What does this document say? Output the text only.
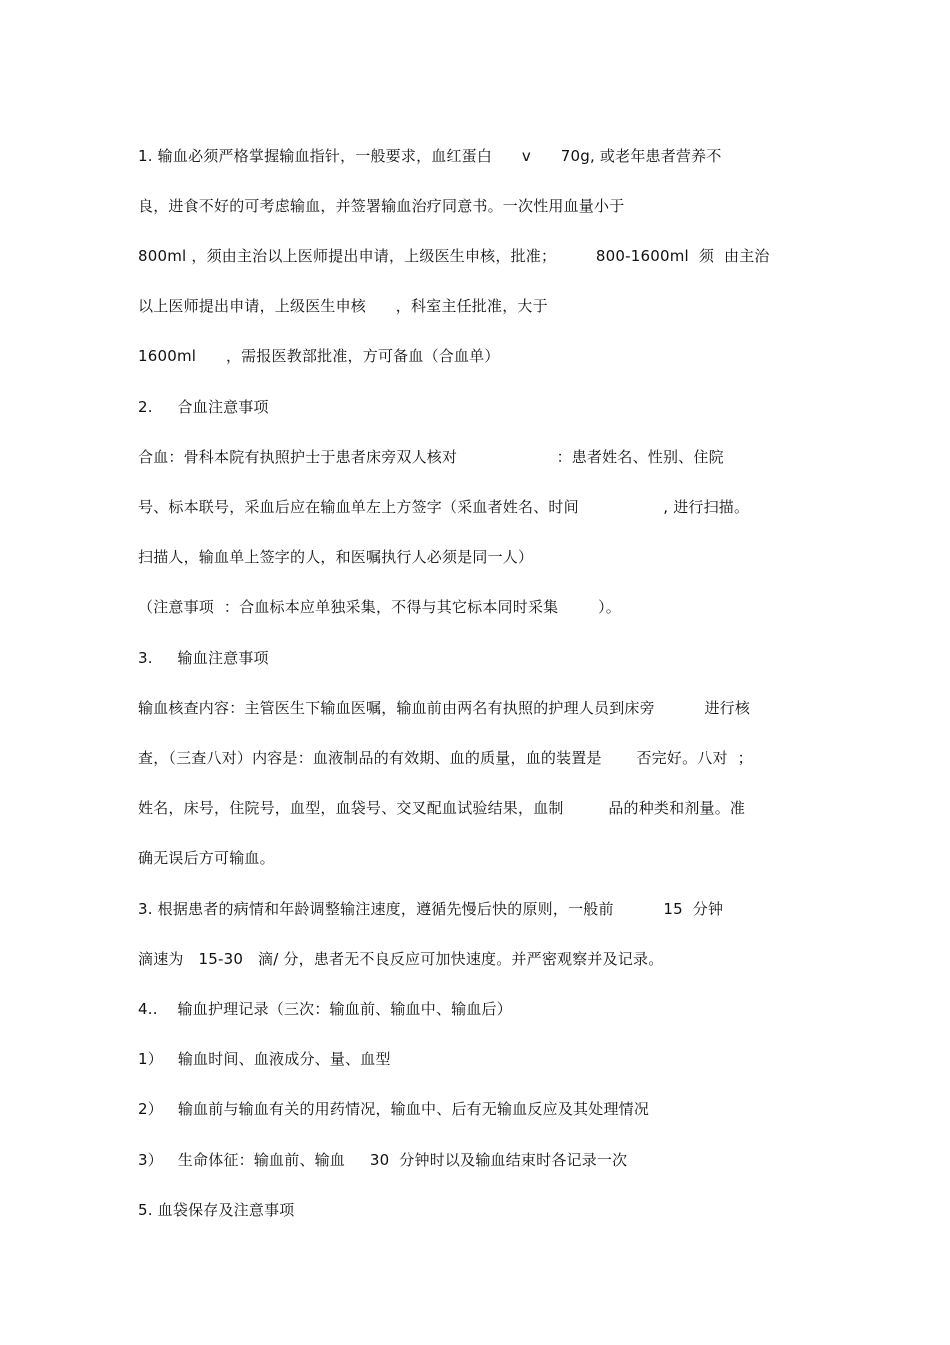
1. 输血必须严格掌握输血指针，一般要求，血红蛋白      v      70g, 或老年患者营养不
良，进食不好的可考虑输血，并签署输血治疗同意书。一次性用血量小于
800ml ，须由主治以上医师提出申请，上级医生申核，批准；        800-1600ml  须  由主治
以上医师提出申请，上级医生申核      ，科室主任批准，大于
1600ml      ，需报医教部批准，方可备血（合血单）
2.     合血注意事项
合血：骨科本院有执照护士于患者床旁双人核对                    ：患者姓名、性别、住院
号、标本联号，采血后应在输血单左上方签字（采血者姓名、时间                 , 进行扫描。
扫描人，输血单上签字的人，和医嘱执行人必须是同一人）
（注意事项  ：合血标本应单独采集，不得与其它标本同时采集        ）。
3.     输血注意事项
输血核查内容：主管医生下输血医嘱，输血前由两名有执照的护理人员到床旁          进行核
查，（三查八对）内容是：血液制品的有效期、血的质量，血的装置是       否完好。八对  ；
姓名，床号，住院号，血型，血袋号、交叉配血试验结果，血制         品的种类和剂量。准
确无误后方可输血。
3. 根据患者的病情和年龄调整输注速度，遵循先慢后快的原则，一般前          15  分钟
滴速为   15-30   滴/ 分，患者无不良反应可加快速度。并严密观察并及记录。
4..    输血护理记录（三次：输血前、输血中、输血后）
1）   输血时间、血液成分、量、血型
2）   输血前与输血有关的用药情况，输血中、后有无输血反应及其处理情况
3）   生命体征：输血前、输血     30  分钟时以及输血结束时各记录一次
5. 血袋保存及注意事项
